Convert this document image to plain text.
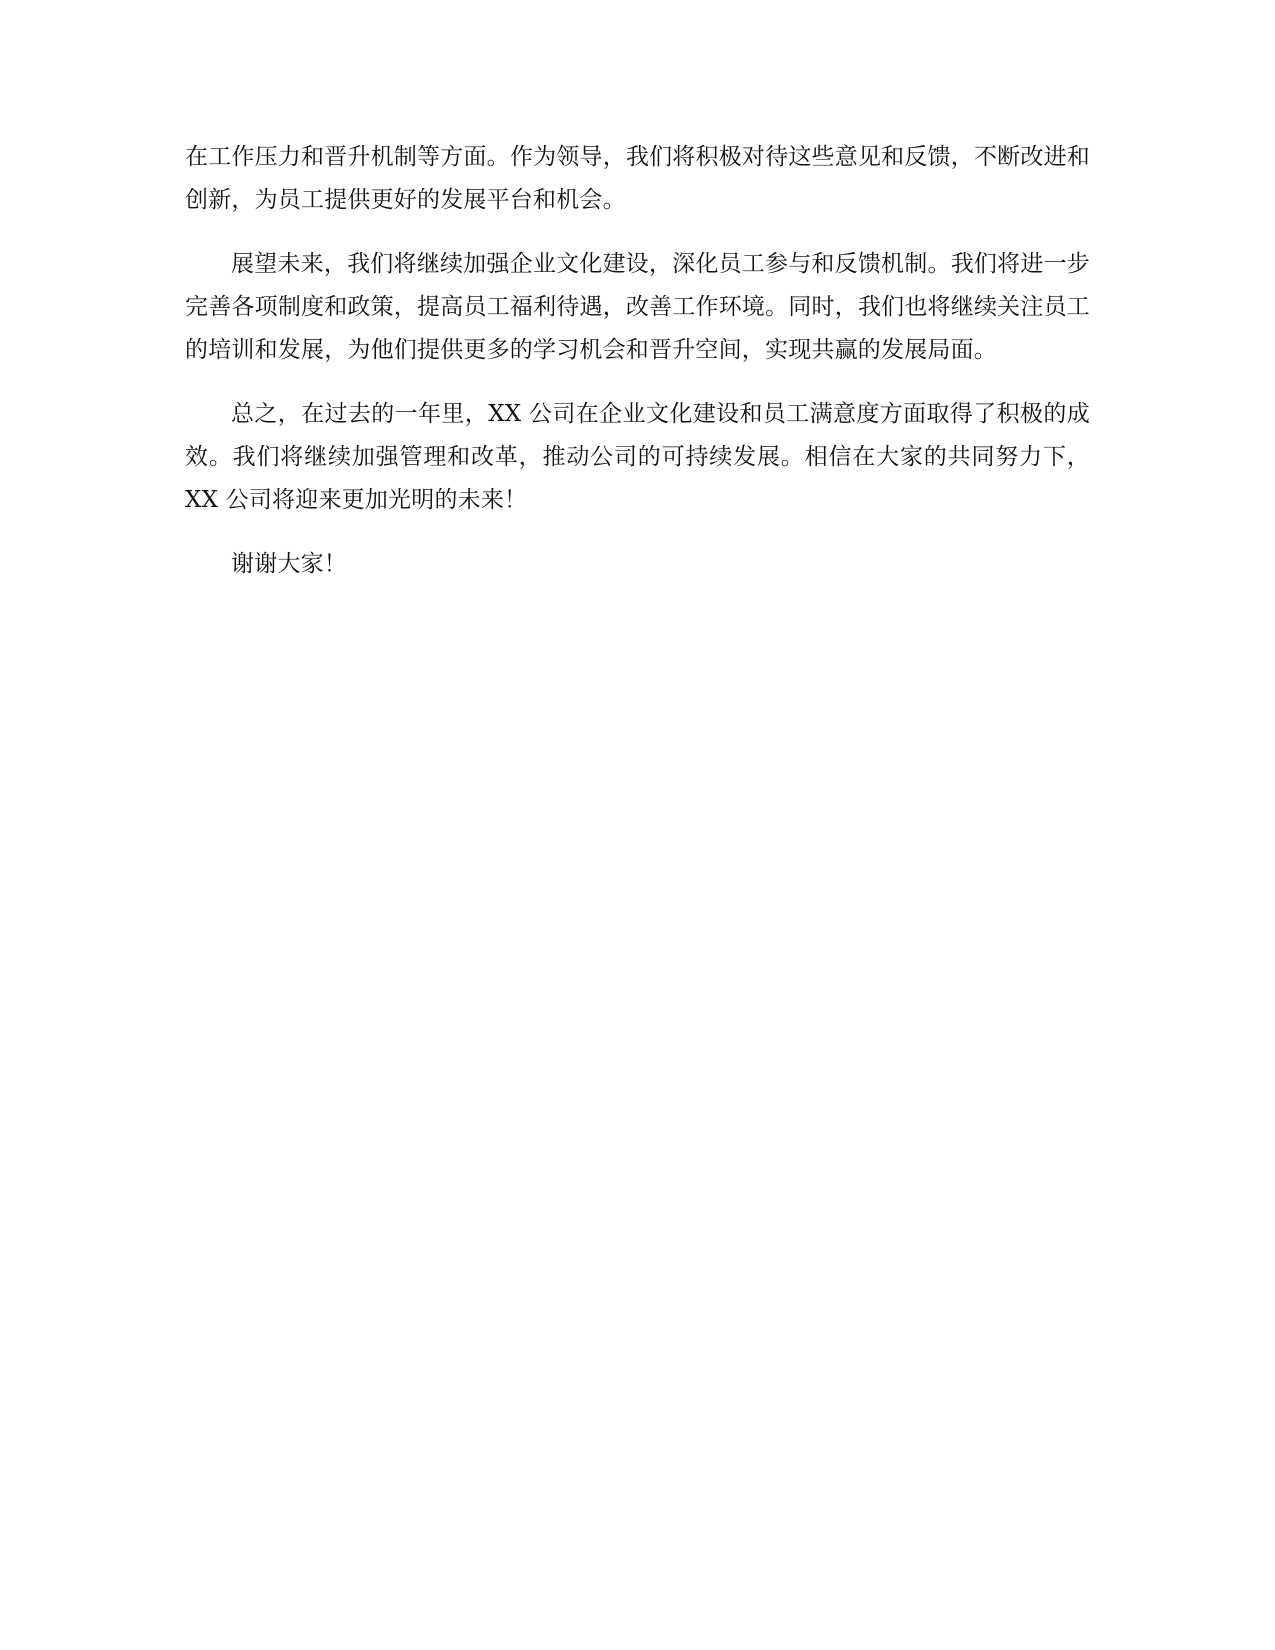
在工作压力和晋升机制等方面。作为领导，我们将积极对待这些意见和反馈，不断改进和创新，为员工提供更好的发展平台和机会。

展望未来，我们将继续加强企业文化建设，深化员工参与和反馈机制。我们将进一步完善各项制度和政策，提高员工福利待遇，改善工作环境。同时，我们也将继续关注员工的培训和发展，为他们提供更多的学习机会和晋升空间，实现共赢的发展局面。

总之，在过去的一年里，XX 公司在企业文化建设和员工满意度方面取得了积极的成效。我们将继续加强管理和改革，推动公司的可持续发展。相信在大家的共同努力下，XX 公司将迎来更加光明的未来！

谢谢大家！
